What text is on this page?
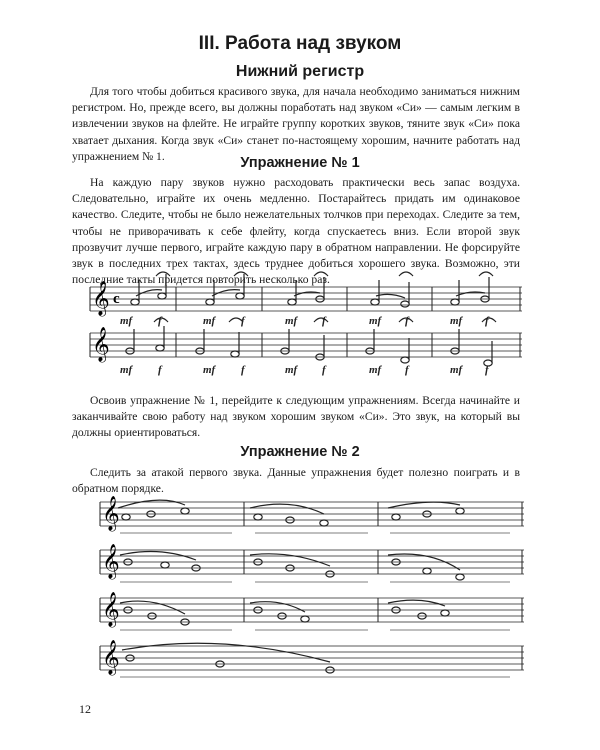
III. Работа над звуком
Нижний регистр

Для того чтобы добиться красивого звука, для начала необходимо заниматься нижним регистром. Но, прежде всего, вы должны поработать над звуком «Си» — самым легким в извлечении звуков на флейте. Не играйте группу коротких звуков, тяните звук «Си» пока хватает дыхания. Когда звук «Си» станет по-настоящему хорошим, начните работать над упражнением № 1.	Упражнение № 1

На каждую пару звуков нужно расходовать практически весь запас воздуха. Следовательно, играйте их очень медленно. Постарайтесь придать им одинаковое качество. Следите, чтобы не было нежелательных толчков при переходах. Следите за тем, чтобы не приворачивать к себе флейту, когда спускаетесь вниз. Если второй звук прозвучит лучше первого, играйте каждую пару в обратном направлении. Не форсируйте звук в последних трех тактах, здесь труднее добиться хорошего звука. Возможно, эти последние такты придется повторить несколько раз.

𝄞
𝄞
c
mf f	mf f	mf f	mf f	mf f
mf f	mf f	mf f	mf f	mf f

Освоив упражнение № 1, перейдите к следующим упражнениям. Всегда начинайте и заканчивайте свою работу над звуком хорошим звуком «Си». Это звук, на который вы должны ориентироваться.

Упражнение № 2

Следить за атакой первого звука. Данные упражнения будет полезно поиграть и в обратном порядке.

𝄞
𝄞
𝄞
𝄞
12
